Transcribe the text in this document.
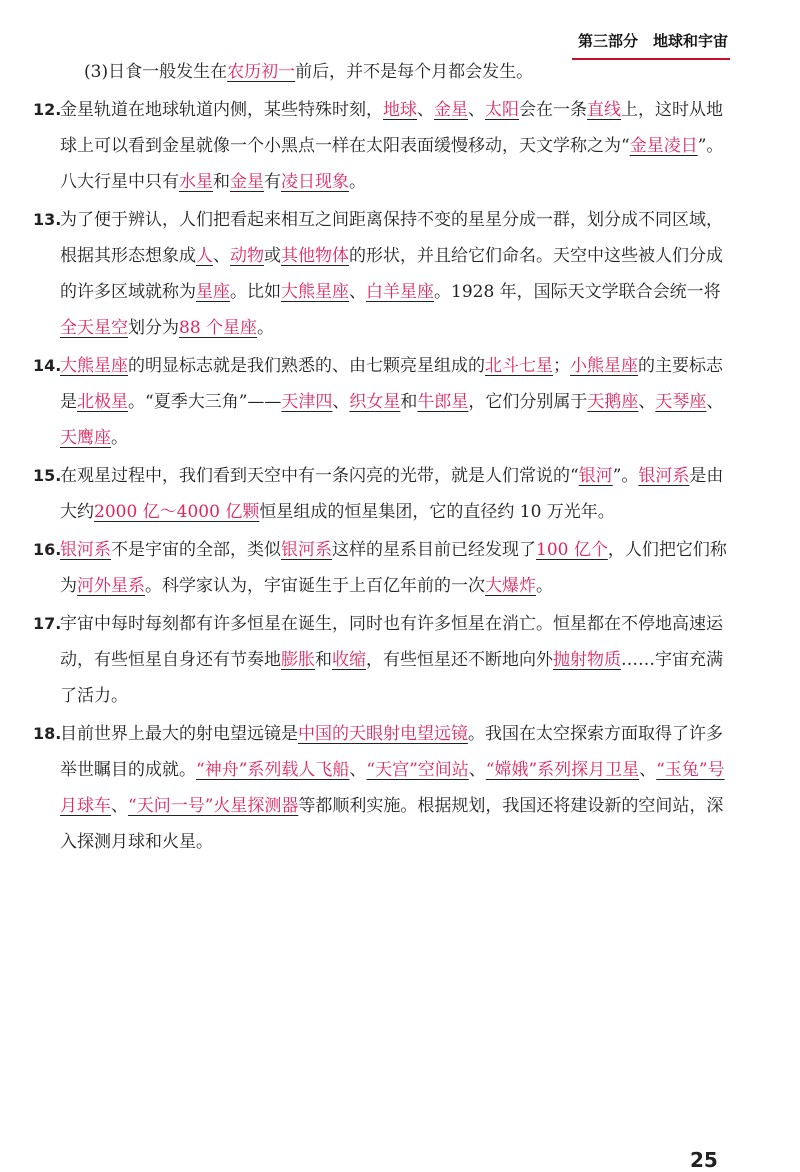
第三部分　地球和宇宙
(3)日食一般发生在农历初一前后，并不是每个月都会发生。
12.
金星轨道在地球轨道内侧，某些特殊时刻，地球、金星、太阳会在一条直线上，这时从地球上可以看到金星就像一个小黑点一样在太阳表面缓慢移动，天文学称之为“金星凌日”。八大行星中只有水星和金星有凌日现象。
13.
为了便于辨认，人们把看起来相互之间距离保持不变的星星分成一群，划分成不同区域，根据其形态想象成人、动物或其他物体的形状，并且给它们命名。天空中这些被人们分成的许多区域就称为星座。比如大熊星座、白羊星座。1928 年，国际天文学联合会统一将全天星空划分为88 个星座。
14.
大熊星座的明显标志就是我们熟悉的、由七颗亮星组成的北斗七星；小熊星座的主要标志是北极星。“夏季大三角”——天津四、织女星和牛郎星，它们分别属于天鹅座、天琴座、天鹰座。
15.
在观星过程中，我们看到天空中有一条闪亮的光带，就是人们常说的“银河”。银河系是由大约2000 亿～4000 亿颗恒星组成的恒星集团，它的直径约 10 万光年。
16.
银河系不是宇宙的全部，类似银河系这样的星系目前已经发现了100 亿个，人们把它们称为河外星系。科学家认为，宇宙诞生于上百亿年前的一次大爆炸。
17.
宇宙中每时每刻都有许多恒星在诞生，同时也有许多恒星在消亡。恒星都在不停地高速运动，有些恒星自身还有节奏地膨胀和收缩，有些恒星还不断地向外抛射物质……宇宙充满了活力。
18.
目前世界上最大的射电望远镜是中国的天眼射电望远镜。我国在太空探索方面取得了许多举世瞩目的成就。“神舟”系列载人飞船、“天宫”空间站、“嫦娥”系列探月卫星、“玉兔”号月球车、“天问一号”火星探测器等都顺利实施。根据规划，我国还将建设新的空间站，深入探测月球和火星。
25
